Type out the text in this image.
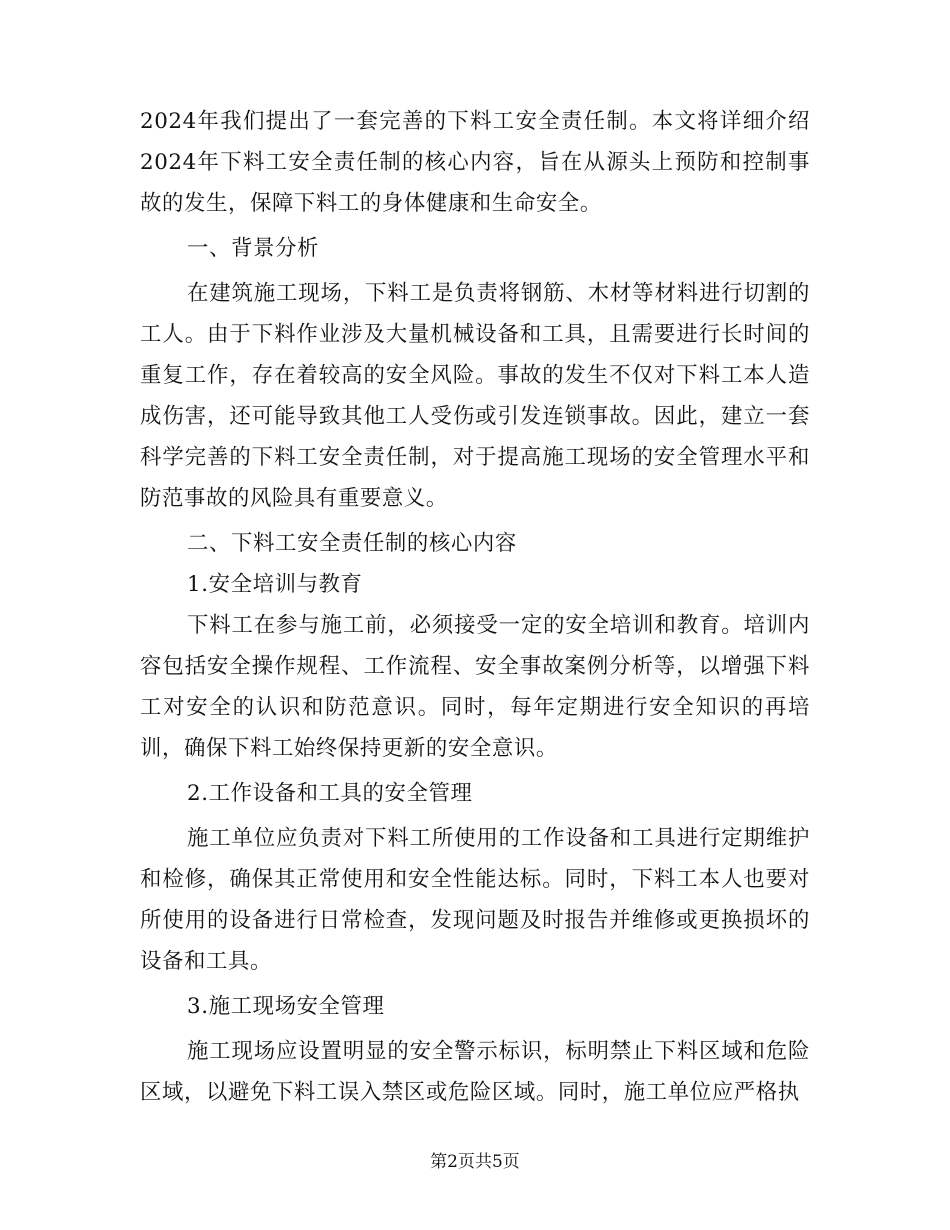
2024年我们提出了一套完善的下料工安全责任制。本文将详细介绍2024年下料工安全责任制的核心内容，旨在从源头上预防和控制事故的发生，保障下料工的身体健康和生命安全。

一、背景分析

在建筑施工现场，下料工是负责将钢筋、木材等材料进行切割的工人。由于下料作业涉及大量机械设备和工具，且需要进行长时间的重复工作，存在着较高的安全风险。事故的发生不仅对下料工本人造成伤害，还可能导致其他工人受伤或引发连锁事故。因此，建立一套科学完善的下料工安全责任制，对于提高施工现场的安全管理水平和防范事故的风险具有重要意义。

二、下料工安全责任制的核心内容

1.安全培训与教育

下料工在参与施工前，必须接受一定的安全培训和教育。培训内容包括安全操作规程、工作流程、安全事故案例分析等，以增强下料工对安全的认识和防范意识。同时，每年定期进行安全知识的再培训，确保下料工始终保持更新的安全意识。

2.工作设备和工具的安全管理

施工单位应负责对下料工所使用的工作设备和工具进行定期维护和检修，确保其正常使用和安全性能达标。同时，下料工本人也要对所使用的设备进行日常检查，发现问题及时报告并维修或更换损坏的设备和工具。

3.施工现场安全管理

施工现场应设置明显的安全警示标识，标明禁止下料区域和危险区域，以避免下料工误入禁区或危险区域。同时，施工单位应严格执

第2页共5页
